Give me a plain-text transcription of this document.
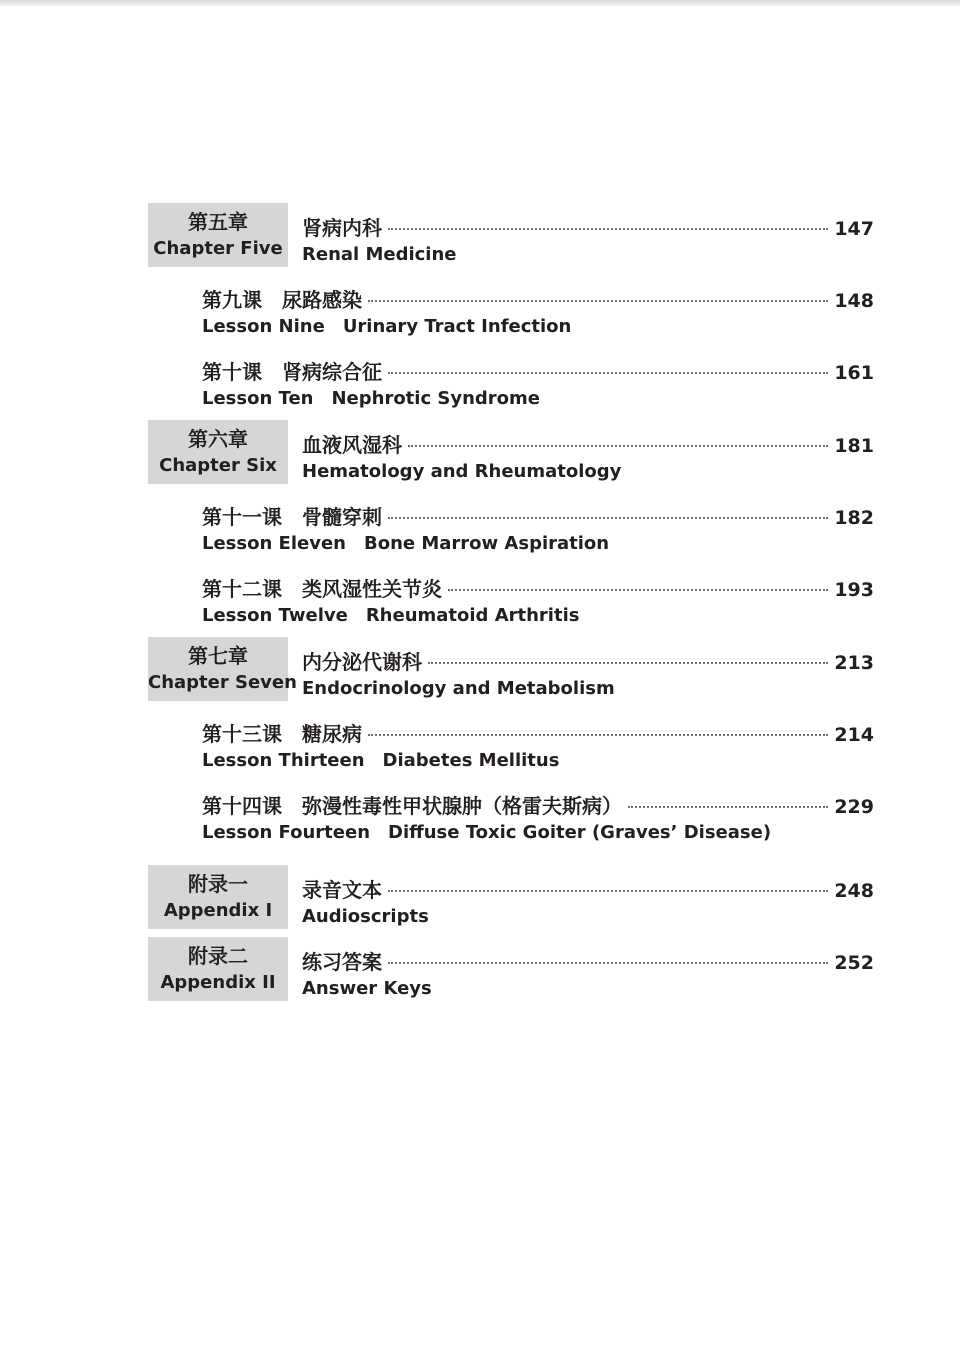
第五章
Chapter Five
肾病内科	147
Renal Medicine
第九课 尿路感染	148
Lesson Nine Urinary Tract Infection
第十课 肾病综合征	161
Lesson Ten Nephrotic Syndrome
第六章
Chapter Six
血液风湿科	181
Hematology and Rheumatology
第十一课 骨髓穿刺	182
Lesson Eleven Bone Marrow Aspiration
第十二课 类风湿性关节炎	193
Lesson Twelve Rheumatoid Arthritis
第七章
Chapter Seven
内分泌代谢科	213
Endocrinology and Metabolism
第十三课 糖尿病	214
Lesson Thirteen Diabetes Mellitus
第十四课 弥漫性毒性甲状腺肿（格雷夫斯病）	229
Lesson Fourteen Diffuse Toxic Goiter (Graves’ Disease)
附录一
Appendix I
录音文本	248
Audioscripts
附录二
Appendix II
练习答案	252
Answer Keys
